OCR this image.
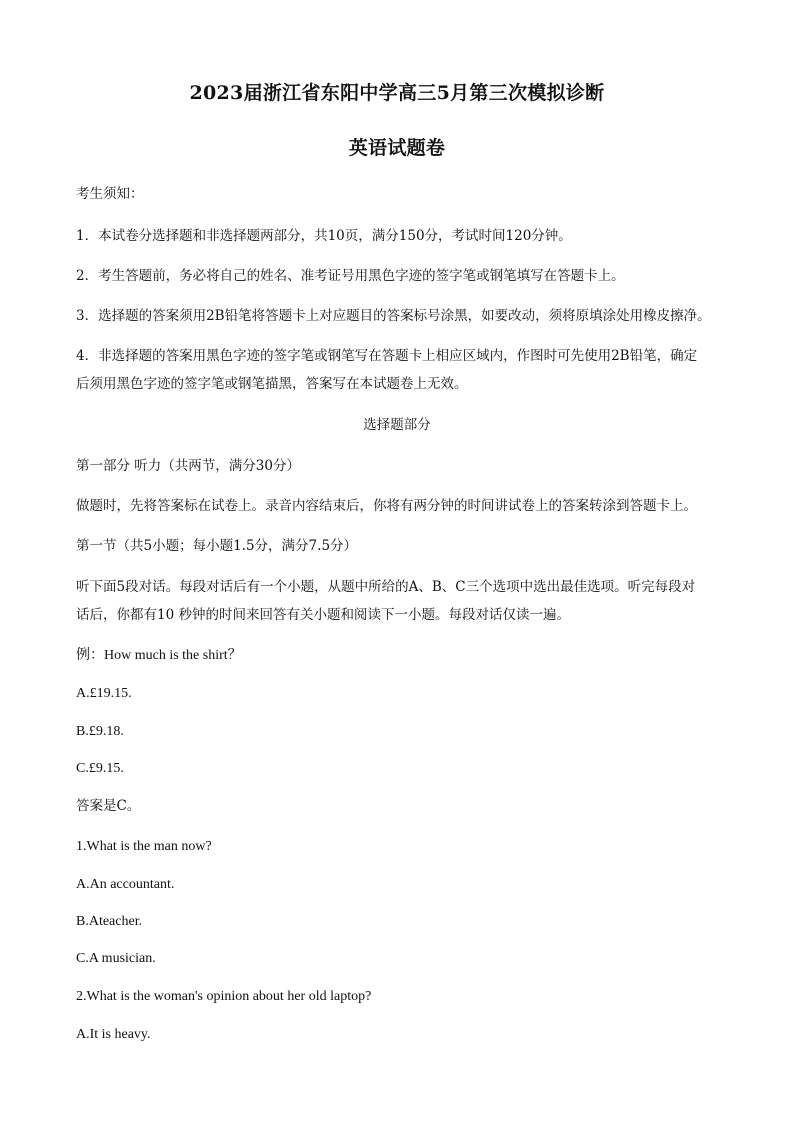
2023届浙江省东阳中学高三5月第三次模拟诊断
英语试题卷
考生须知：
1．本试卷分选择题和非选择题两部分，共10页，满分150分，考试时间120分钟。
2．考生答题前，务必将自己的姓名、准考证号用黑色字迹的签字笔或钢笔填写在答题卡上。
3．选择题的答案须用2B铅笔将答题卡上对应题目的答案标号涂黑，如要改动，须将原填涂处用橡皮擦净。
4．非选择题的答案用黑色字迹的签字笔或钢笔写在答题卡上相应区域内，作图时可先使用2B铅笔，确定
后须用黑色字迹的签字笔或钢笔描黑，答案写在本试题卷上无效。
选择题部分
第一部分 听力（共两节，满分30分）
做题时，先将答案标在试卷上。录音内容结束后，你将有两分钟的时间讲试卷上的答案转涂到答题卡上。
第一节（共5小题；每小题1.5分，满分7.5分）
听下面5段对话。每段对话后有一个小题，从题中所给的A、B、C三个选项中选出最佳选项。听完每段对
话后，你都有10 秒钟的时间来回答有关小题和阅读下一小题。每段对话仅读一遍。
例：How much is the shirt？
A.£19.15.
B.£9.18.
C.£9.15.
答案是C。
1.What is the man now?
A.An accountant.
B.Ateacher.
C.A musician.
2.What is the woman's opinion about her old laptop?
A.It is heavy.
